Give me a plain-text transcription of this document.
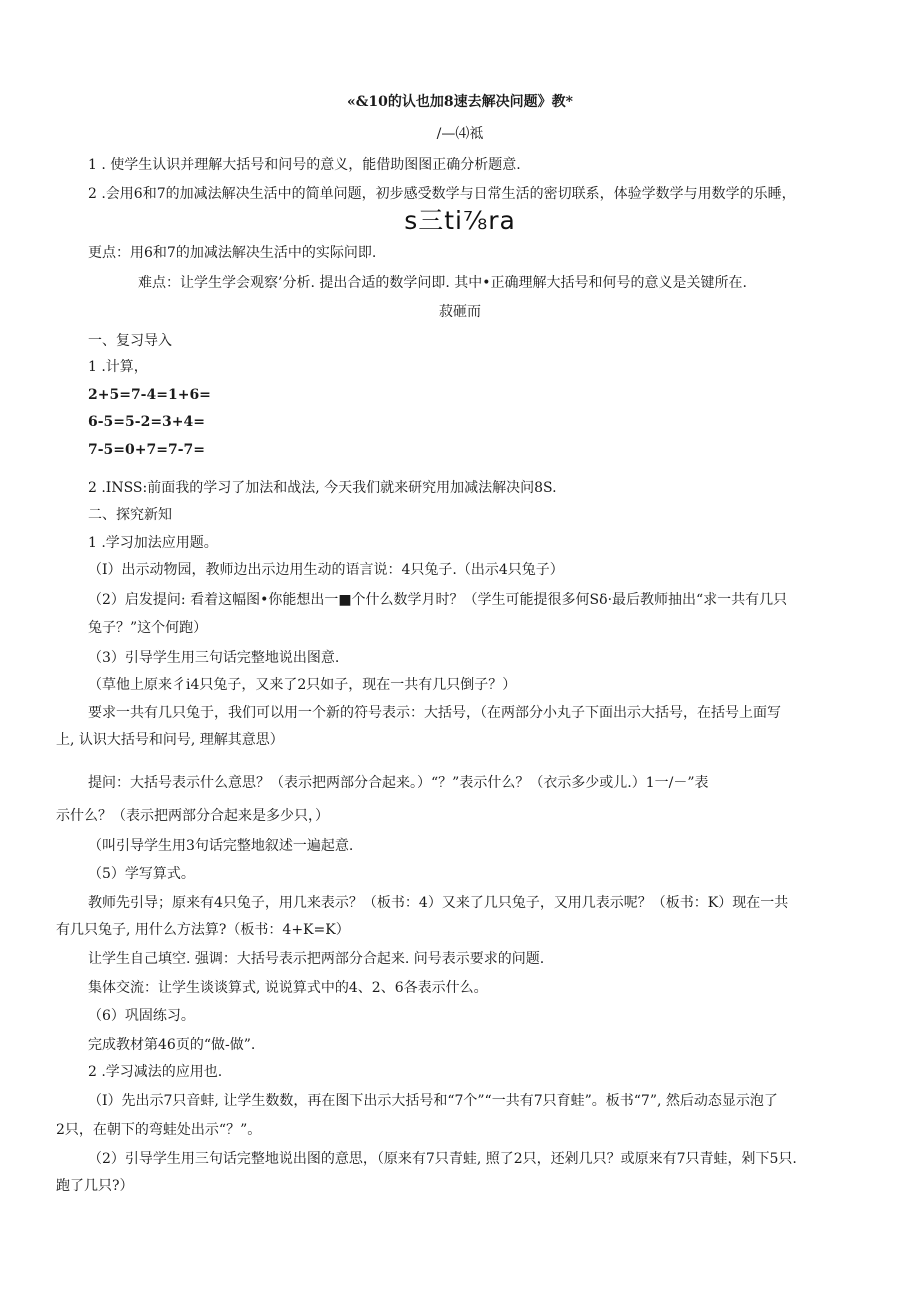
«&10的认也加8速去解决问题》教*
/—⑷祗
1 . 使学生认识并理解大括号和问号的意义，能借助图图正确分析题意.
2 .会用6和7的加减法解决生活中的简单问题，初步感受数学与日常生活的密切联系，体验学数学与用数学的乐睡，
s三ti⅞ra
更点：用6和7的加减法解决生活中的实际问即.
难点：让学生学会观察’分析. 提出合适的数学问即. 其中•正确理解大括号和何号的意义是关键所在.
菽砸而
一、复习导入
1 .计算，
2+5=7-4=1+6=
6-5=5-2=3+4=
7-5=0+7=7-7=
2 .INSS:前面我的学习了加法和战法, 今天我们就来研究用加减法解决问8S.
二、探究新知
1 .学习加法应用题。
（I）出示动物园，教师边出示边用生动的语言说：4只兔子.（出示4只兔子）
（2）启发提问: 看着这幅图•你能想出一■个什么数学月时？（学生可能提很多何Sδ·最后教师抽出“求一共有几只
兔子？”这个何跑）
（3）引导学生用三句话完整地说出图意.
（草他上原来彳i4只兔子，又来了2只如子，现在一共有几只倒子？）
要求一共有几只兔于，我们可以用一个新的符号表示：大括号，（在两部分小丸子下面出示大括号，在括号上面写
上, 认识大括号和问号, 理解其意思）
提问：大括号表示什么意思？（表示把两部分合起来。）“？”表示什么？（衣示多少或儿.）1一/－”表
示什么？（表示把两部分合起来是多少只，）
（叫引导学生用3句话完整地叙述一遍起意.
（5）学写算式。
教师先引导；原来有4只兔子，用几来表示？（板书：4）又来了几只兔子，又用几表示呢？（板书：K）现在一共
有几只兔子, 用什么方法算?（板书：4+K=K）
让学生自己填空. 强调：大括号表示把两部分合起来. 问号表示要求的问题.
集体交流：让学生谈谈算式, 说说算式中的4、2、6各表示什么。
（6）巩固练习。
完成教材第46页的“做-做”.
2 .学习减法的应用也.
（I）先出示7只音蚌, 让学生数数，再在图下出示大括号和“7个”“一共有7只育蛙”。板书“7”, 然后动态显示泡了
2只，在朝下的弯蛙处出示“？”。
（2）引导学生用三句话完整地说出图的意思，（原来有7只青蛙, 照了2只，还剁几只？或原来有7只青蛙，剁下5只.
跑了几只?）
